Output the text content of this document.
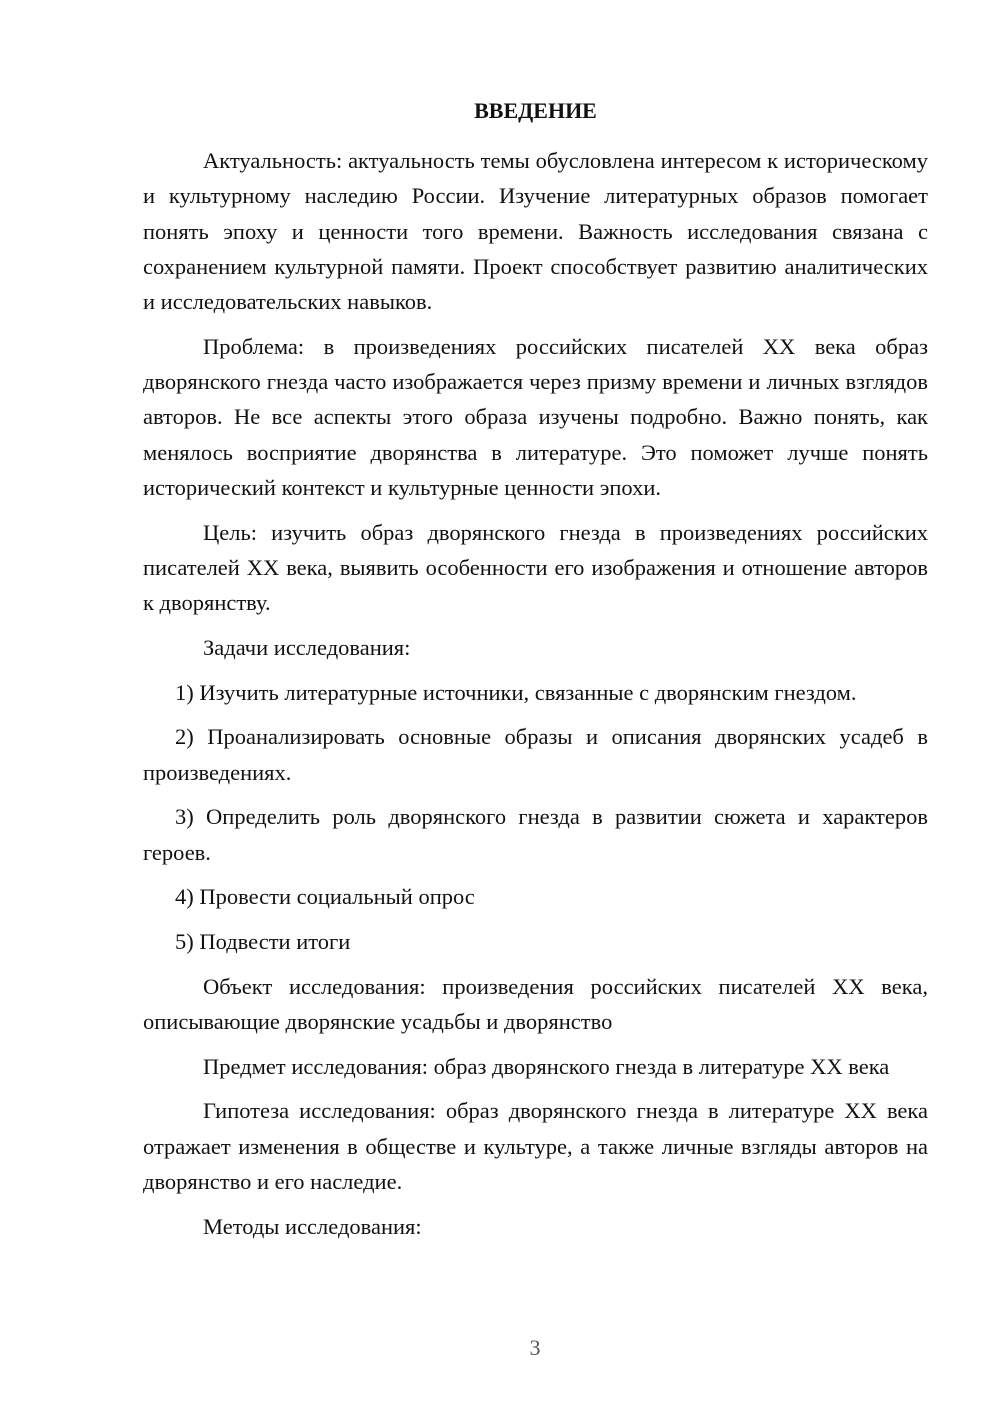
ВВЕДЕНИЕ

Актуальность: актуальность темы обусловлена интересом к историческому и культурному наследию России. Изучение литературных образов помогает понять эпоху и ценности того времени. Важность исследования связана с сохранением культурной памяти. Проект способствует развитию аналитических и исследовательских навыков.

Проблема: в произведениях российских писателей XX века образ дворянского гнезда часто изображается через призму времени и личных взглядов авторов. Не все аспекты этого образа изучены подробно. Важно понять, как менялось восприятие дворянства в литературе. Это поможет лучше понять исторический контекст и культурные ценности эпохи.

Цель: изучить образ дворянского гнезда в произведениях российских писателей XX века, выявить особенности его изображения и отношение авторов к дворянству.

Задачи исследования:

1) Изучить литературные источники, связанные с дворянским гнездом.

2) Проанализировать основные образы и описания дворянских усадеб в произведениях.

3) Определить роль дворянского гнезда в развитии сюжета и характеров героев.

4) Провести социальный опрос

5) Подвести итоги

Объект исследования: произведения российских писателей XX века, описывающие дворянские усадьбы и дворянство

Предмет исследования: образ дворянского гнезда в литературе XX века

Гипотеза исследования: образ дворянского гнезда в литературе XX века отражает изменения в обществе и культуре, а также личные взгляды авторов на дворянство и его наследие.

Методы исследования:

3
